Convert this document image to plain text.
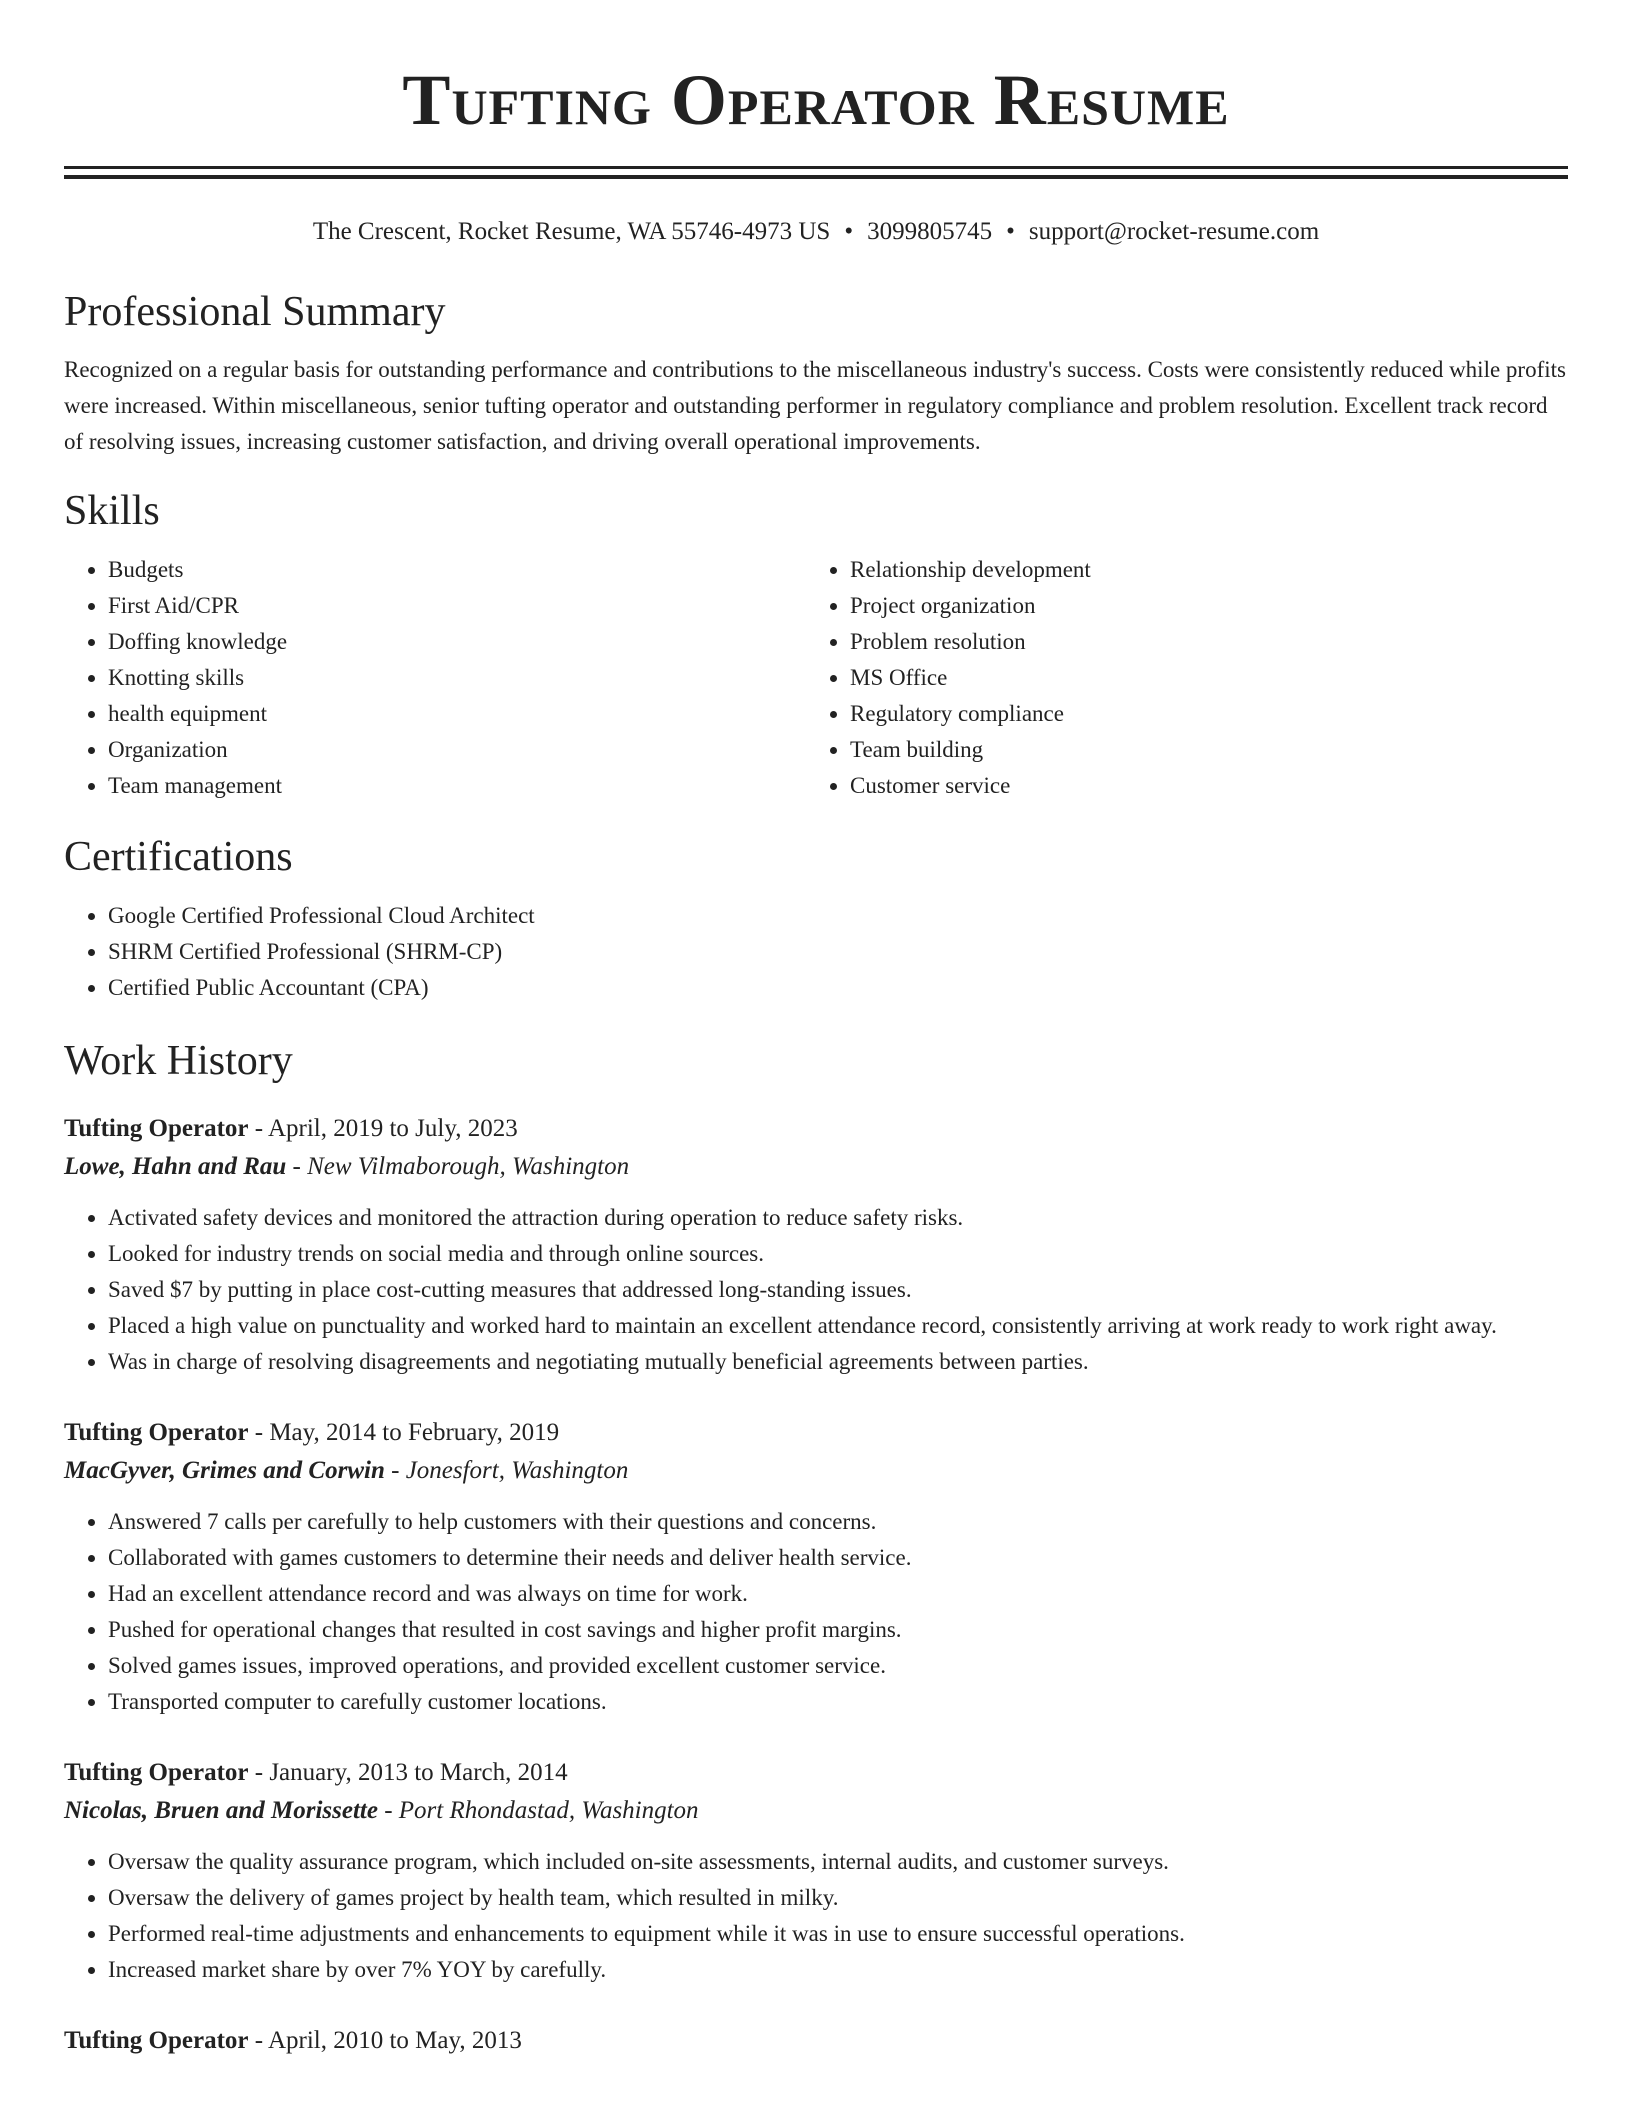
Tufting Operator Resume
The Crescent, Rocket Resume, WA 55746-4973 US • 3099805745 • support@rocket-resume.com
Professional Summary

Recognized on a regular basis for outstanding performance and contributions to the miscellaneous industry's success. Costs were consistently reduced while profits were increased. Within miscellaneous, senior tufting operator and outstanding performer in regulatory compliance and problem resolution. Excellent track record of resolving issues, increasing customer satisfaction, and driving overall operational improvements.

Skills
• Budgets
• First Aid/CPR
• Doffing knowledge
• Knotting skills
• health equipment
• Organization
• Team management
• Relationship development
• Project organization
• Problem resolution
• MS Office
• Regulatory compliance
• Team building
• Customer service
Certifications
• Google Certified Professional Cloud Architect
• SHRM Certified Professional (SHRM-CP)
• Certified Public Accountant (CPA)
Work History
Tufting Operator - April, 2019 to July, 2023
Lowe, Hahn and Rau - New Vilmaborough, Washington
• Activated safety devices and monitored the attraction during operation to reduce safety risks.
• Looked for industry trends on social media and through online sources.
• Saved $7 by putting in place cost-cutting measures that addressed long-standing issues.
• Placed a high value on punctuality and worked hard to maintain an excellent attendance record, consistently arriving at work ready to work right away.
• Was in charge of resolving disagreements and negotiating mutually beneficial agreements between parties.
Tufting Operator - May, 2014 to February, 2019
MacGyver, Grimes and Corwin - Jonesfort, Washington
• Answered 7 calls per carefully to help customers with their questions and concerns.
• Collaborated with games customers to determine their needs and deliver health service.
• Had an excellent attendance record and was always on time for work.
• Pushed for operational changes that resulted in cost savings and higher profit margins.
• Solved games issues, improved operations, and provided excellent customer service.
• Transported computer to carefully customer locations.
Tufting Operator - January, 2013 to March, 2014
Nicolas, Bruen and Morissette - Port Rhondastad, Washington
• Oversaw the quality assurance program, which included on-site assessments, internal audits, and customer surveys.
• Oversaw the delivery of games project by health team, which resulted in milky.
• Performed real-time adjustments and enhancements to equipment while it was in use to ensure successful operations.
• Increased market share by over 7% YOY by carefully.
Tufting Operator - April, 2010 to May, 2013
